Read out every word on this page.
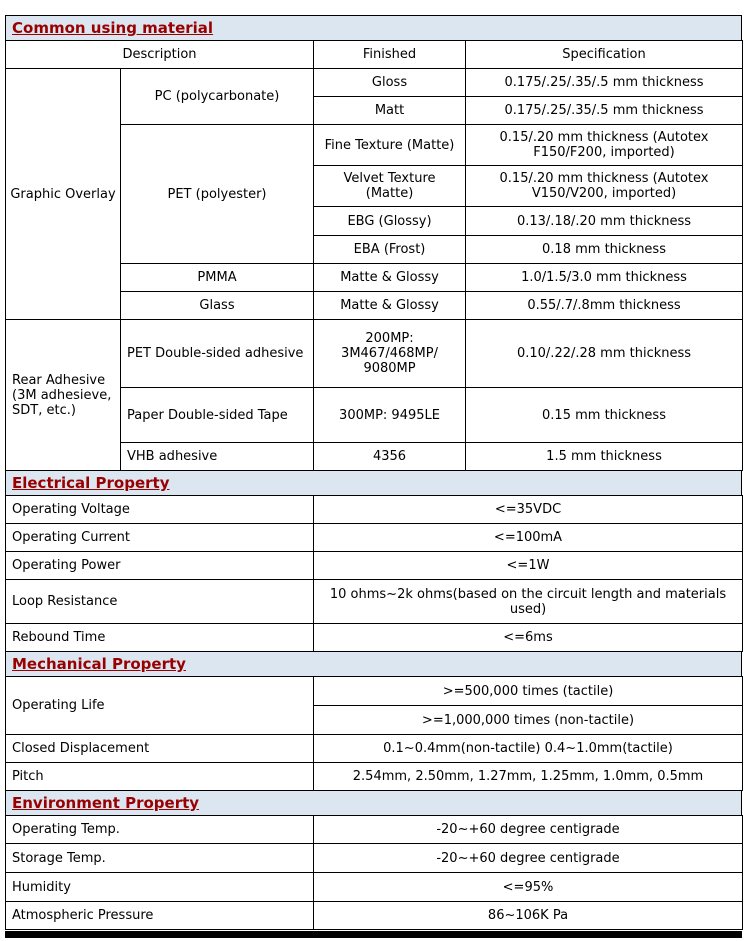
Common using material
Description		Finished	Specification
Graphic Overlay	PC (polycarbonate)	Gloss	0.175/.25/.35/.5 mm thickness
		Matt	0.175/.25/.35/.5 mm thickness
	PET (polyester)	Fine Texture (Matte)	0.15/.20 mm thickness (Autotex F150/F200, imported)
		Velvet Texture (Matte)	0.15/.20 mm thickness (Autotex V150/V200, imported)
		EBG (Glossy)	0.13/.18/.20 mm thickness
		EBA (Frost)	0.18 mm thickness
	PMMA	Matte & Glossy	1.0/1.5/3.0 mm thickness
	Glass	Matte & Glossy	0.55/.7/.8mm thickness
Rear Adhesive (3M adhesieve, SDT, etc.)	PET Double-sided adhesive	200MP: 3M467/468MP/ 9080MP	0.10/.22/.28 mm thickness
	Paper Double-sided Tape	300MP: 9495LE	0.15 mm thickness
	VHB adhesive	4356	1.5 mm thickness
Electrical Property
Operating Voltage	<=35VDC
Operating Current	<=100mA
Operating Power	<=1W
Loop Resistance	10 ohms~2k ohms(based on the circuit length and materials used)
Rebound Time	<=6ms
Mechanical Property
Operating Life	>=500,000 times (tactile)
	>=1,000,000 times (non-tactile)
Closed Displacement	0.1~0.4mm(non-tactile) 0.4~1.0mm(tactile)
Pitch	2.54mm, 2.50mm, 1.27mm, 1.25mm, 1.0mm, 0.5mm
Environment Property
Operating Temp.	-20~+60 degree centigrade
Storage Temp.	-20~+60 degree centigrade
Humidity	<=95%
Atmospheric Pressure	86~106K Pa
